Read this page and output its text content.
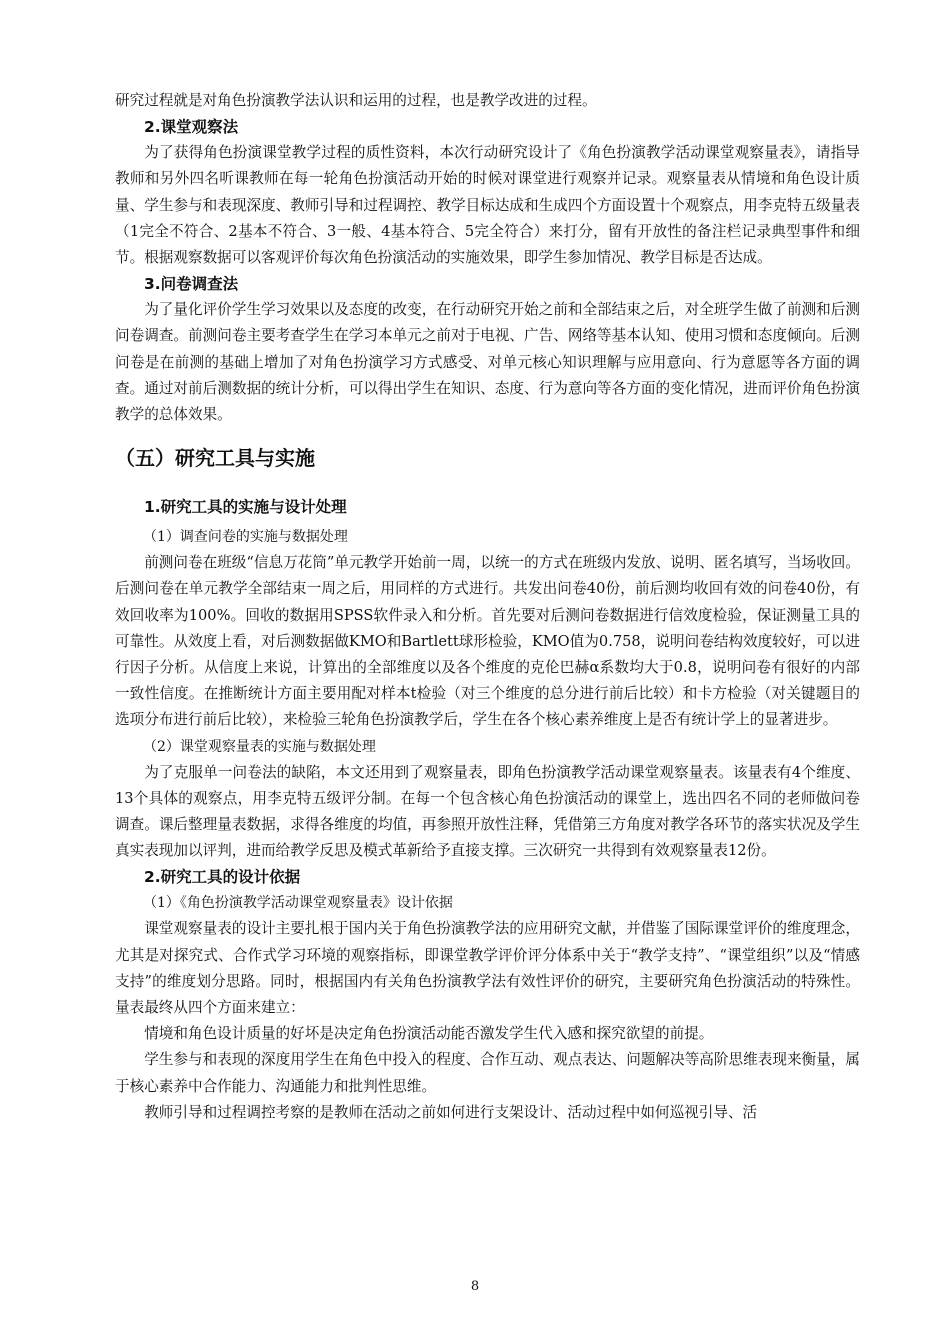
研究过程就是对角色扮演教学法认识和运用的过程，也是教学改进的过程。

2.课堂观察法

为了获得角色扮演课堂教学过程的质性资料，本次行动研究设计了《角色扮演教学活动课堂观察量表》，请指导教师和另外四名听课教师在每一轮角色扮演活动开始的时候对课堂进行观察并记录。观察量表从情境和角色设计质量、学生参与和表现深度、教师引导和过程调控、教学目标达成和生成四个方面设置十个观察点，用李克特五级量表（1完全不符合、2基本不符合、3一般、4基本符合、5完全符合）来打分，留有开放性的备注栏记录典型事件和细节。根据观察数据可以客观评价每次角色扮演活动的实施效果，即学生参加情况、教学目标是否达成。

3.问卷调查法

为了量化评价学生学习效果以及态度的改变，在行动研究开始之前和全部结束之后，对全班学生做了前测和后测问卷调查。前测问卷主要考查学生在学习本单元之前对于电视、广告、网络等基本认知、使用习惯和态度倾向。后测问卷是在前测的基础上增加了对角色扮演学习方式感受、对单元核心知识理解与应用意向、行为意愿等各方面的调查。通过对前后测数据的统计分析，可以得出学生在知识、态度、行为意向等各方面的变化情况，进而评价角色扮演教学的总体效果。

（五）研究工具与实施
1.研究工具的实施与设计处理
（1）调查问卷的实施与数据处理

前测问卷在班级“信息万花筒”单元教学开始前一周，以统一的方式在班级内发放、说明、匿名填写，当场收回。后测问卷在单元教学全部结束一周之后，用同样的方式进行。共发出问卷40份，前后测均收回有效的问卷40份，有效回收率为100%。回收的数据用SPSS软件录入和分析。首先要对后测问卷数据进行信效度检验，保证测量工具的可靠性。从效度上看，对后测数据做KMO和Bartlett球形检验，KMO值为0.758，说明问卷结构效度较好，可以进行因子分析。从信度上来说，计算出的全部维度以及各个维度的克伦巴赫α系数均大于0.8，说明问卷有很好的内部一致性信度。在推断统计方面主要用配对样本t检验（对三个维度的总分进行前后比较）和卡方检验（对关键题目的选项分布进行前后比较），来检验三轮角色扮演教学后，学生在各个核心素养维度上是否有统计学上的显著进步。

（2）课堂观察量表的实施与数据处理

为了克服单一问卷法的缺陷，本文还用到了观察量表，即角色扮演教学活动课堂观察量表。该量表有4个维度、13个具体的观察点，用李克特五级评分制。在每一个包含核心角色扮演活动的课堂上，选出四名不同的老师做问卷调查。课后整理量表数据，求得各维度的均值，再参照开放性注释，凭借第三方角度对教学各环节的落实状况及学生真实表现加以评判，进而给教学反思及模式革新给予直接支撑。三次研究一共得到有效观察量表12份。

2.研究工具的设计依据
（1）《角色扮演教学活动课堂观察量表》设计依据

课堂观察量表的设计主要扎根于国内关于角色扮演教学法的应用研究文献，并借鉴了国际课堂评价的维度理念，尤其是对探究式、合作式学习环境的观察指标，即课堂教学评价评分体系中关于“教学支持”、“课堂组织”以及“情感支持”的维度划分思路。同时，根据国内有关角色扮演教学法有效性评价的研究，主要研究角色扮演活动的特殊性。量表最终从四个方面来建立：

情境和角色设计质量的好坏是决定角色扮演活动能否激发学生代入感和探究欲望的前提。

学生参与和表现的深度用学生在角色中投入的程度、合作互动、观点表达、问题解决等高阶思维表现来衡量，属于核心素养中合作能力、沟通能力和批判性思维。

教师引导和过程调控考察的是教师在活动之前如何进行支架设计、活动过程中如何巡视引导、活

8
